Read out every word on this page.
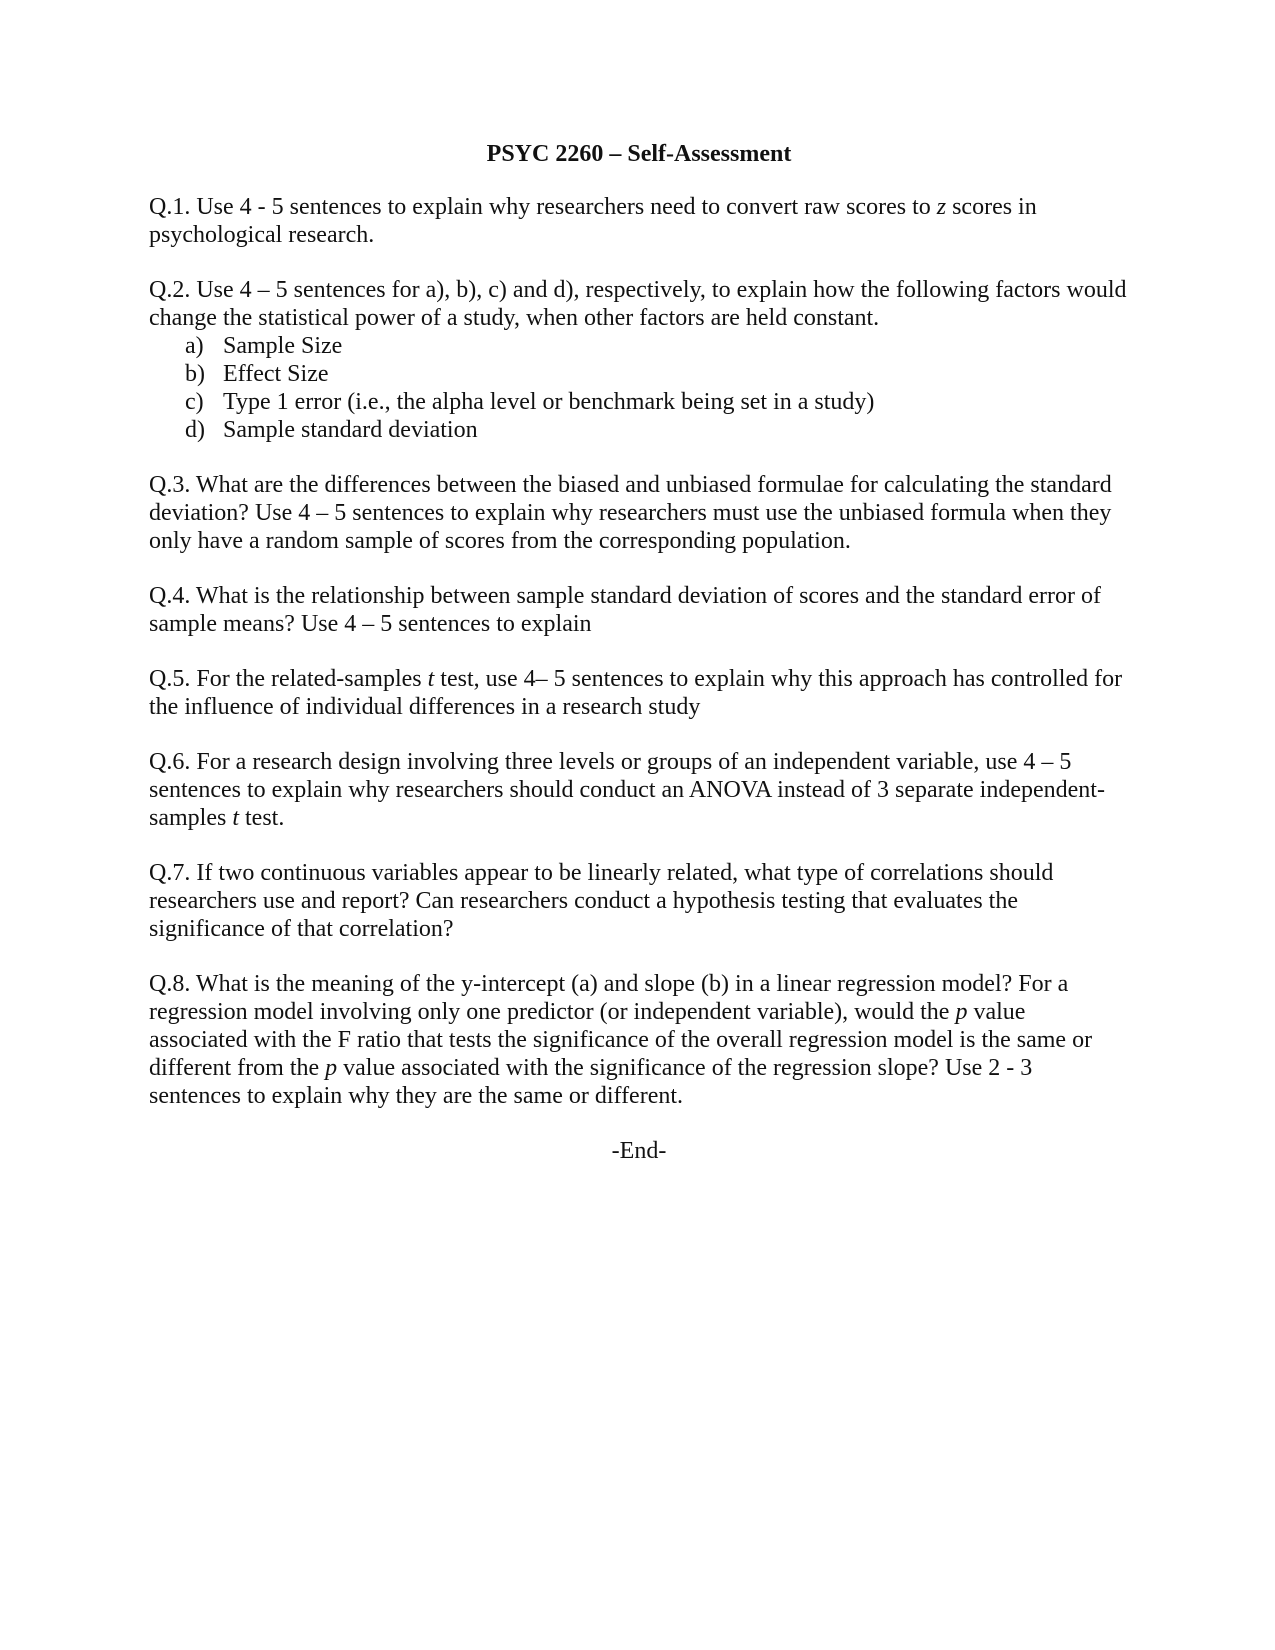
PSYC 2260 – Self-Assessment

Q.1. Use 4 - 5 sentences to explain why researchers need to convert raw scores to z scores in psychological research.

Q.2. Use 4 – 5 sentences for a), b), c) and d), respectively, to explain how the following factors would change the statistical power of a study, when other factors are held constant.

a) Sample Size
b) Effect Size
c) Type 1 error (i.e., the alpha level or benchmark being set in a study)
d) Sample standard deviation

Q.3. What are the differences between the biased and unbiased formulae for calculating the standard deviation? Use 4 – 5 sentences to explain why researchers must use the unbiased formula when they only have a random sample of scores from the corresponding population.

Q.4. What is the relationship between sample standard deviation of scores and the standard error of sample means? Use 4 – 5 sentences to explain

Q.5. For the related-samples t test, use 4– 5 sentences to explain why this approach has controlled for the influence of individual differences in a research study

Q.6. For a research design involving three levels or groups of an independent variable, use 4 – 5 sentences to explain why researchers should conduct an ANOVA instead of 3 separate independent-samples t test.

Q.7. If two continuous variables appear to be linearly related, what type of correlations should researchers use and report? Can researchers conduct a hypothesis testing that evaluates the significance of that correlation?

Q.8. What is the meaning of the y-intercept (a) and slope (b) in a linear regression model? For a regression model involving only one predictor (or independent variable), would the p value associated with the F ratio that tests the significance of the overall regression model is the same or different from the p value associated with the significance of the regression slope? Use 2 - 3 sentences to explain why they are the same or different.

-End-
